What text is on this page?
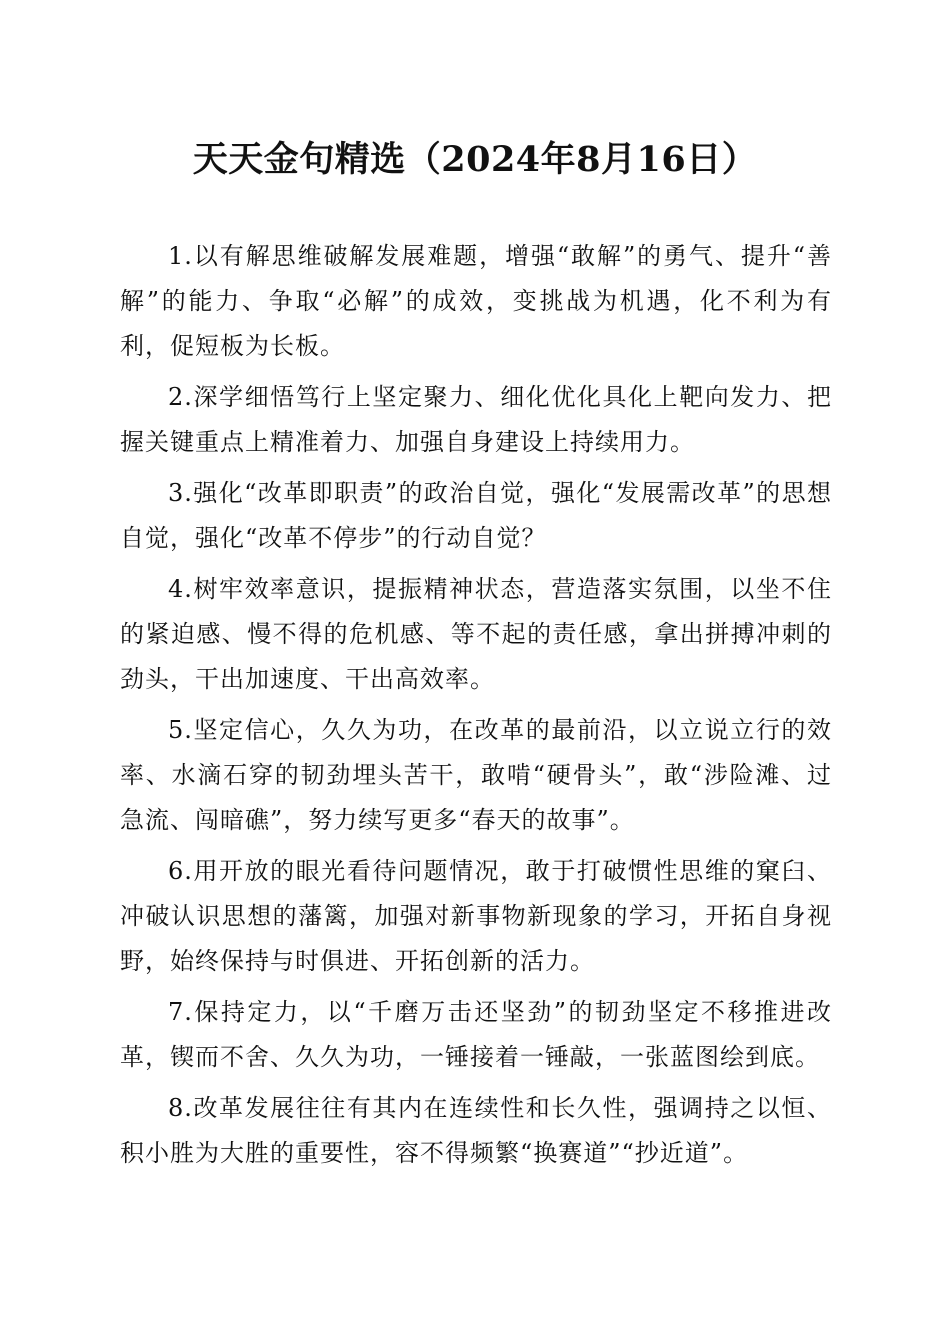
天天金句精选（2024年8月16日）

1.以有解思维破解发展难题，增强“敢解”的勇气、提升“善解”的能力、争取“必解”的成效，变挑战为机遇，化不利为有利，促短板为长板。

2.深学细悟笃行上坚定聚力、细化优化具化上靶向发力、把握关键重点上精准着力、加强自身建设上持续用力。

3.强化“改革即职责”的政治自觉，强化“发展需改革”的思想自觉，强化“改革不停步”的行动自觉？

4.树牢效率意识，提振精神状态，营造落实氛围，以坐不住的紧迫感、慢不得的危机感、等不起的责任感，拿出拼搏冲刺的劲头，干出加速度、干出高效率。

5.坚定信心，久久为功，在改革的最前沿，以立说立行的效率、水滴石穿的韧劲埋头苦干，敢啃“硬骨头”，敢“涉险滩、过急流、闯暗礁”，努力续写更多“春天的故事”。

6.用开放的眼光看待问题情况，敢于打破惯性思维的窠臼、冲破认识思想的藩篱，加强对新事物新现象的学习，开拓自身视野，始终保持与时俱进、开拓创新的活力。

7.保持定力，以“千磨万击还坚劲”的韧劲坚定不移推进改革，锲而不舍、久久为功，一锤接着一锤敲，一张蓝图绘到底。

8.改革发展往往有其内在连续性和长久性，强调持之以恒、积小胜为大胜的重要性，容不得频繁“换赛道”“抄近道”。
